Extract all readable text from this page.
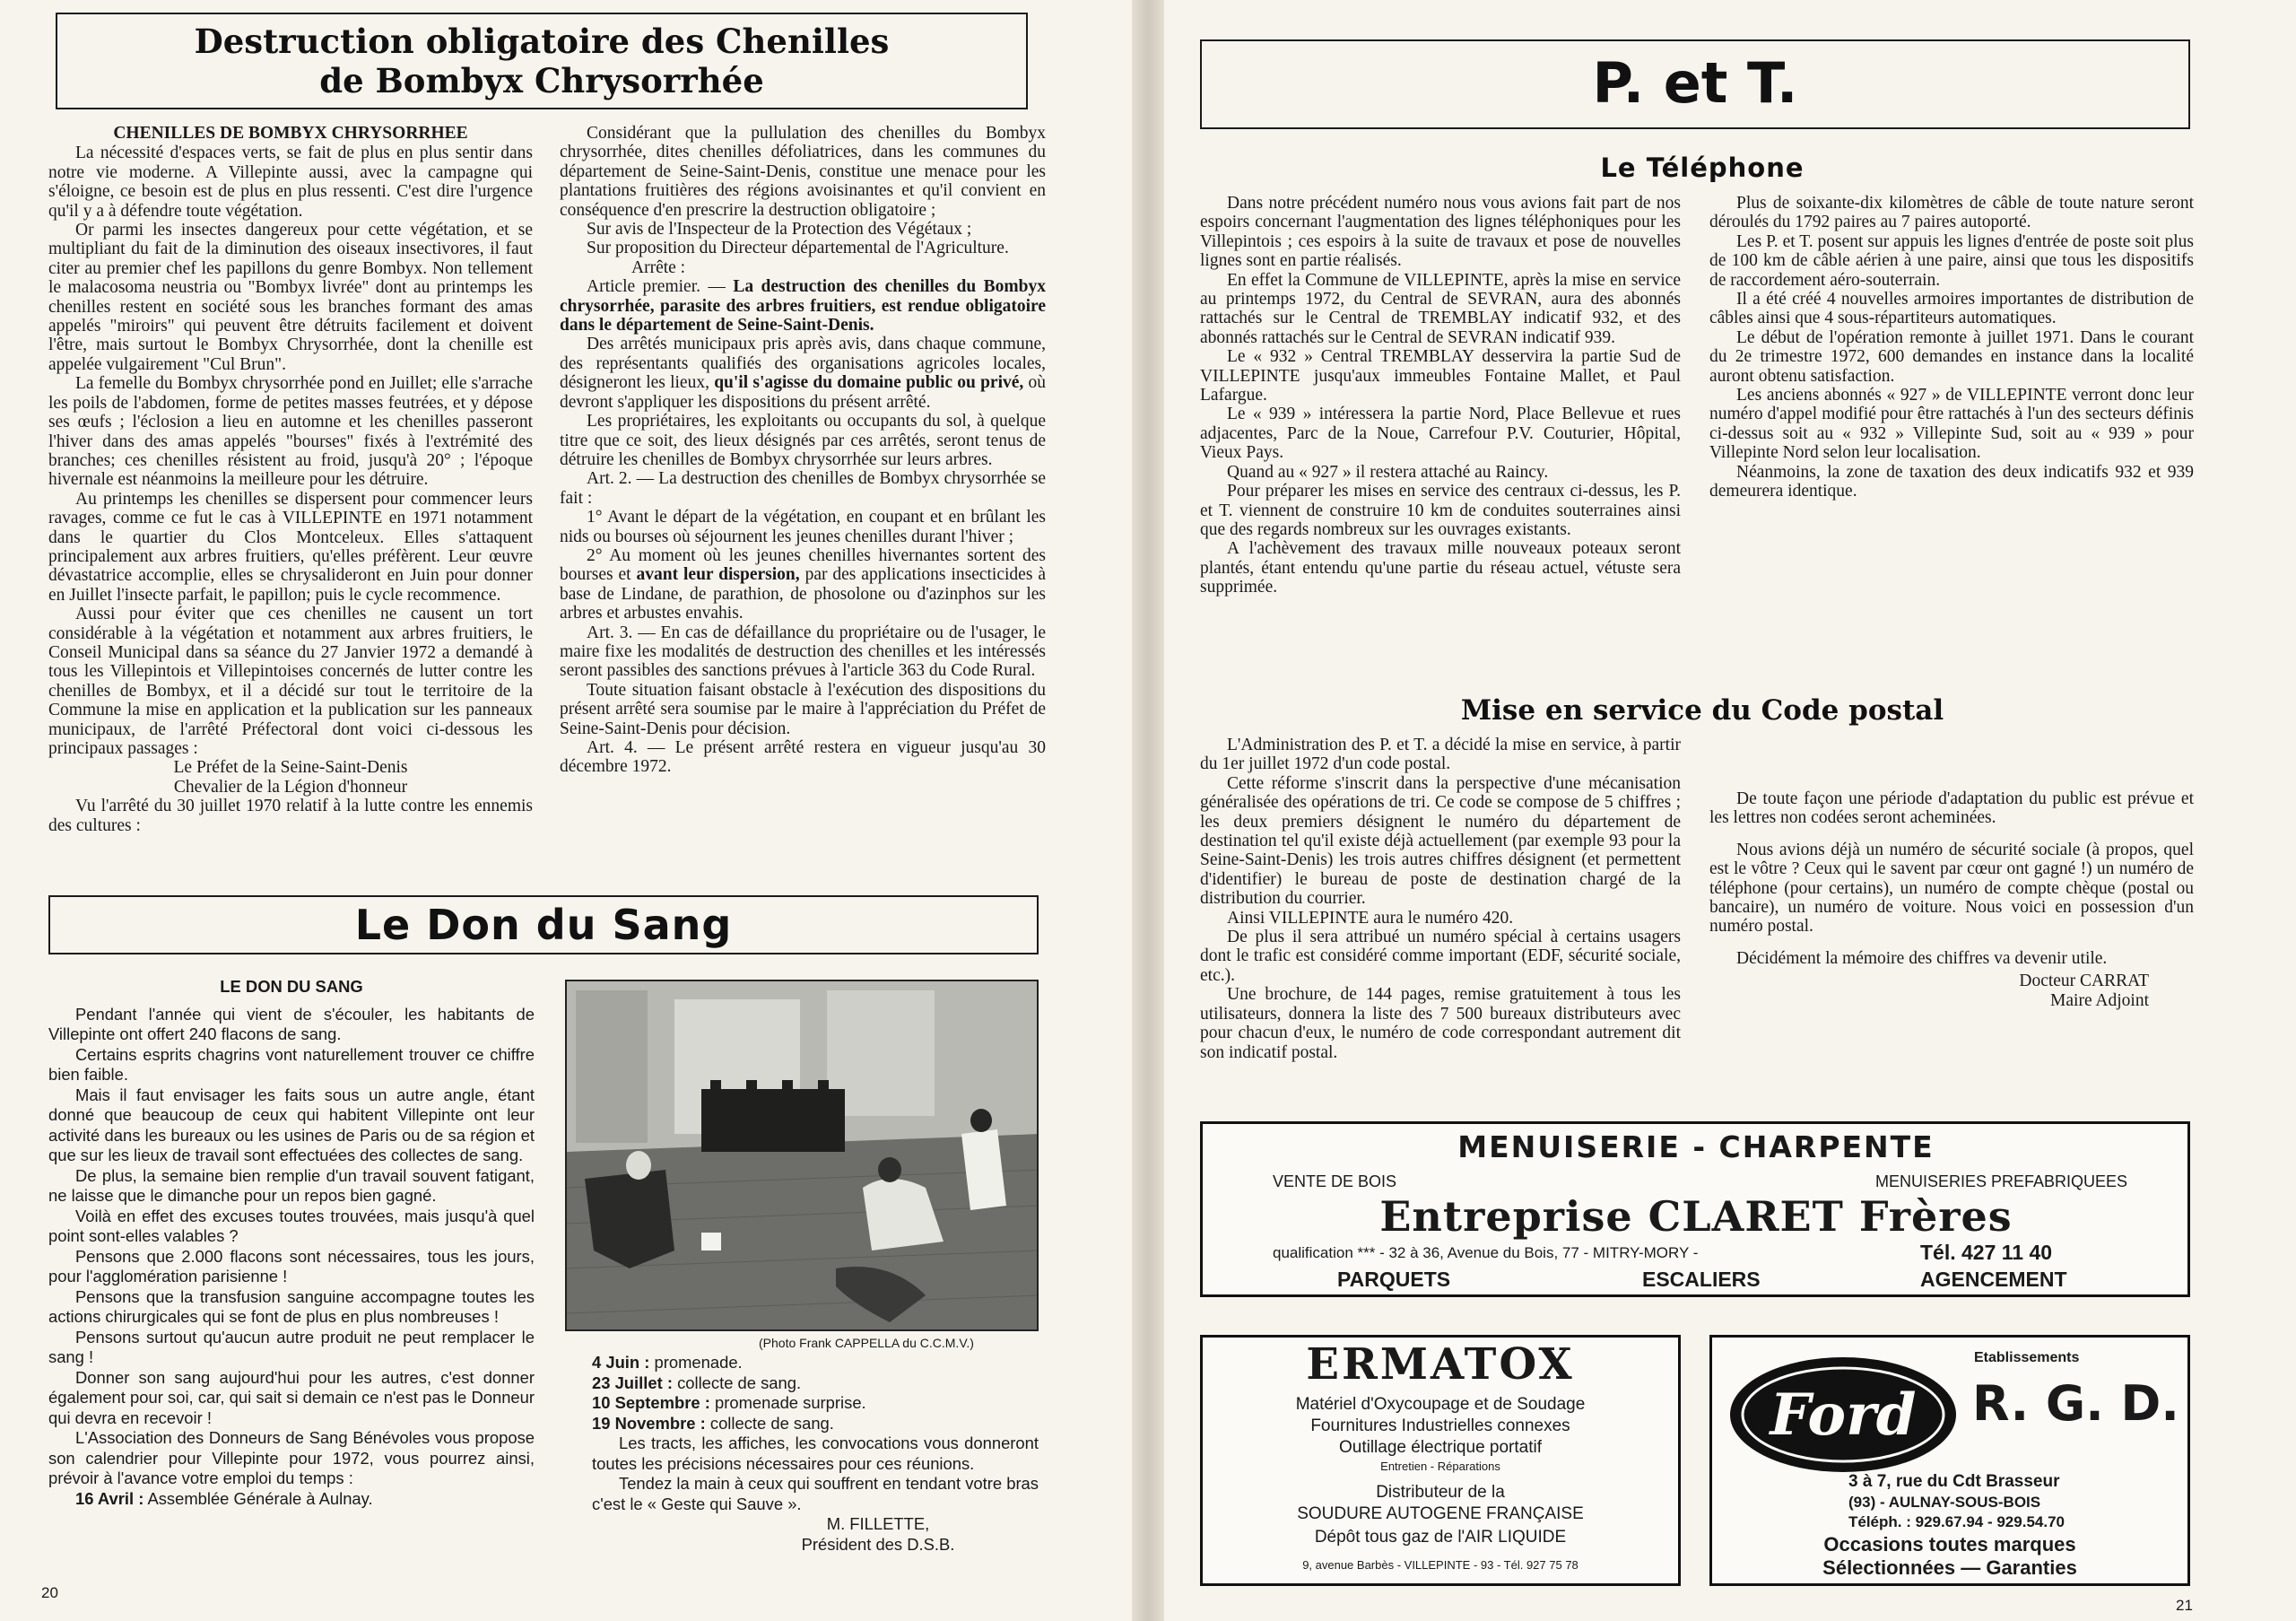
Destruction obligatoire des Chenilles
de Bombyx Chrysorrhée

CHENILLES DE BOMBYX CHRYSORRHEE

La nécessité d'espaces verts, se fait de plus en plus sentir dans notre vie moderne. A Villepinte aussi, avec la campagne qui s'éloigne, ce besoin est de plus en plus ressenti. C'est dire l'urgence qu'il y a à défendre toute végétation.

Or parmi les insectes dangereux pour cette végétation, et se multipliant du fait de la diminution des oiseaux insectivores, il faut citer au premier chef les papillons du genre Bombyx. Non tellement le malacosoma neustria ou "Bombyx livrée" dont au printemps les chenilles restent en société sous les branches formant des amas appelés "miroirs" qui peuvent être détruits facilement et doivent l'être, mais surtout le Bombyx Chrysorrhée, dont la chenille est appelée vulgairement "Cul Brun".

La femelle du Bombyx chrysorrhée pond en Juillet; elle s'arrache les poils de l'abdomen, forme de petites masses feutrées, et y dépose ses œufs ; l'éclosion a lieu en automne et les chenilles passeront l'hiver dans des amas appelés "bourses" fixés à l'extrémité des branches; ces chenilles résistent au froid, jusqu'à 20° ; l'époque hivernale est néanmoins la meilleure pour les détruire.

Au printemps les chenilles se dispersent pour commencer leurs ravages, comme ce fut le cas à VILLEPINTE en 1971 notamment dans le quartier du Clos Montceleux. Elles s'attaquent principalement aux arbres fruitiers, qu'elles préfèrent. Leur œuvre dévastatrice accomplie, elles se chrysalideront en Juin pour donner en Juillet l'insecte parfait, le papillon; puis le cycle recommence.

Aussi pour éviter que ces chenilles ne causent un tort considérable à la végétation et notamment aux arbres fruitiers, le Conseil Municipal dans sa séance du 27 Janvier 1972 a demandé à tous les Villepintois et Villepintoises concernés de lutter contre les chenilles de Bombyx, et il a décidé sur tout le territoire de la Commune la mise en application et la publication sur les panneaux municipaux, de l'arrêté Préfectoral dont voici ci-dessous les principaux passages :

Le Préfet de la Seine-Saint-Denis

Chevalier de la Légion d'honneur

Vu l'arrêté du 30 juillet 1970 relatif à la lutte contre les ennemis des cultures :

Considérant que la pullulation des chenilles du Bombyx chrysorrhée, dites chenilles défoliatrices, dans les communes du département de Seine-Saint-Denis, constitue une menace pour les plantations fruitières des régions avoisinantes et qu'il convient en conséquence d'en prescrire la destruction obligatoire ;

Sur avis de l'Inspecteur de la Protection des Végétaux ;

Sur proposition du Directeur départemental de l'Agriculture.

Arrête :

Article premier. — La destruction des chenilles du Bombyx chrysorrhée, parasite des arbres fruitiers, est rendue obligatoire dans le département de Seine-Saint-Denis.

Des arrêtés municipaux pris après avis, dans chaque commune, des représentants qualifiés des organisations agricoles locales, désigneront les lieux, qu'il s'agisse du domaine public ou privé, où devront s'appliquer les dispositions du présent arrêté.

Les propriétaires, les exploitants ou occupants du sol, à quelque titre que ce soit, des lieux désignés par ces arrêtés, seront tenus de détruire les chenilles de Bombyx chrysorrhée sur leurs arbres.

Art. 2. — La destruction des chenilles de Bombyx chrysorrhée se fait :

1° Avant le départ de la végétation, en coupant et en brûlant les nids ou bourses où séjournent les jeunes chenilles durant l'hiver ;

2° Au moment où les jeunes chenilles hivernantes sortent des bourses et avant leur dispersion, par des applications insecticides à base de Lindane, de parathion, de phosolone ou d'azinphos sur les arbres et arbustes envahis.

Art. 3. — En cas de défaillance du propriétaire ou de l'usager, le maire fixe les modalités de destruction des chenilles et les intéressés seront passibles des sanctions prévues à l'article 363 du Code Rural.

Toute situation faisant obstacle à l'exécution des dispositions du présent arrêté sera soumise par le maire à l'appréciation du Préfet de Seine-Saint-Denis pour décision.

Art. 4. — Le présent arrêté restera en vigueur jusqu'au 30 décembre 1972.

Le Don du Sang

LE DON DU SANG

Pendant l'année qui vient de s'écouler, les habitants de Villepinte ont offert 240 flacons de sang.

Certains esprits chagrins vont naturellement trouver ce chiffre bien faible.

Mais il faut envisager les faits sous un autre angle, étant donné que beaucoup de ceux qui habitent Villepinte ont leur activité dans les bureaux ou les usines de Paris ou de sa région et que sur les lieux de travail sont effectuées des collectes de sang.

De plus, la semaine bien remplie d'un travail souvent fatigant, ne laisse que le dimanche pour un repos bien gagné.

Voilà en effet des excuses toutes trouvées, mais jusqu'à quel point sont-elles valables ?

Pensons que 2.000 flacons sont nécessaires, tous les jours, pour l'agglomération parisienne !

Pensons que la transfusion sanguine accompagne toutes les actions chirurgicales qui se font de plus en plus nombreuses !

Pensons surtout qu'aucun autre produit ne peut remplacer le sang !

Donner son sang aujourd'hui pour les autres, c'est donner également pour soi, car, qui sait si demain ce n'est pas le Donneur qui devra en recevoir !

L'Association des Donneurs de Sang Bénévoles vous propose son calendrier pour Villepinte pour 1972, vous pourrez ainsi, prévoir à l'avance votre emploi du temps :

16 Avril : Assemblée Générale à Aulnay.

(Photo Frank CAPPELLA du C.C.M.V.)

4 Juin : promenade.

23 Juillet : collecte de sang.

10 Septembre : promenade surprise.

19 Novembre : collecte de sang.

Les tracts, les affiches, les convocations vous donneront toutes les précisions nécessaires pour ces réunions.

Tendez la main à ceux qui souffrent en tendant votre bras c'est le « Geste qui Sauve ».

M. FILLETTE,

Président des D.S.B.

20
P. et T.
Le Téléphone

Dans notre précédent numéro nous vous avions fait part de nos espoirs concernant l'augmentation des lignes téléphoniques pour les Villepintois ; ces espoirs à la suite de travaux et pose de nouvelles lignes sont en partie réalisés.

En effet la Commune de VILLEPINTE, après la mise en service au printemps 1972, du Central de SEVRAN, aura des abonnés rattachés sur le Central de TREMBLAY indicatif 932, et des abonnés rattachés sur le Central de SEVRAN indicatif 939.

Le « 932 » Central TREMBLAY desservira la partie Sud de VILLEPINTE jusqu'aux immeubles Fontaine Mallet, et Paul Lafargue.

Le « 939 » intéressera la partie Nord, Place Bellevue et rues adjacentes, Parc de la Noue, Carrefour P.V. Couturier, Hôpital, Vieux Pays.

Quand au « 927 » il restera attaché au Raincy.

Pour préparer les mises en service des centraux ci-dessus, les P. et T. viennent de construire 10 km de conduites souterraines ainsi que des regards nombreux sur les ouvrages existants.

A l'achèvement des travaux mille nouveaux poteaux seront plantés, étant entendu qu'une partie du réseau actuel, vétuste sera supprimée.

Plus de soixante-dix kilomètres de câble de toute nature seront déroulés du 1792 paires au 7 paires autoporté.

Les P. et T. posent sur appuis les lignes d'entrée de poste soit plus de 100 km de câble aérien à une paire, ainsi que tous les dispositifs de raccordement aéro-souterrain.

Il a été créé 4 nouvelles armoires importantes de distribution de câbles ainsi que 4 sous-répartiteurs automatiques.

Le début de l'opération remonte à juillet 1971. Dans le courant du 2e trimestre 1972, 600 demandes en instance dans la localité auront obtenu satisfaction.

Les anciens abonnés « 927 » de VILLEPINTE verront donc leur numéro d'appel modifié pour être rattachés à l'un des secteurs définis ci-dessus soit au « 932 » Villepinte Sud, soit au « 939 » pour Villepinte Nord selon leur localisation.

Néanmoins, la zone de taxation des deux indicatifs 932 et 939 demeurera identique.

Mise en service du Code postal

L'Administration des P. et T. a décidé la mise en service, à partir du 1er juillet 1972 d'un code postal.

Cette réforme s'inscrit dans la perspective d'une mécanisation généralisée des opérations de tri. Ce code se compose de 5 chiffres ; les deux premiers désignent le numéro du département de destination tel qu'il existe déjà actuellement (par exemple 93 pour la Seine-Saint-Denis) les trois autres chiffres désignent (et permettent d'identifier) le bureau de poste de destination chargé de la distribution du courrier.

Ainsi VILLEPINTE aura le numéro 420.

De plus il sera attribué un numéro spécial à certains usagers dont le trafic est considéré comme important (EDF, sécurité sociale, etc.).

Une brochure, de 144 pages, remise gratuitement à tous les utilisateurs, donnera la liste des 7 500 bureaux distributeurs avec pour chacun d'eux, le numéro de code correspondant autrement dit son indicatif postal.

De toute façon une période d'adaptation du public est prévue et les lettres non codées seront acheminées.

Nous avions déjà un numéro de sécurité sociale (à propos, quel est le vôtre ? Ceux qui le savent par cœur ont gagné !) un numéro de téléphone (pour certains), un numéro de compte chèque (postal ou bancaire), un numéro de voiture. Nous voici en possession d'un numéro postal.

Décidément la mémoire des chiffres va devenir utile.

Docteur CARRAT

Maire Adjoint

MENUISERIE - CHARPENTE
VENTE DE BOIS	MENUISERIES PREFABRIQUEES
Entreprise CLARET Frères
qualification *** - 32 à 36, Avenue du Bois, 77 - MITRY-MORY -	Tél. 427 11 40
PARQUETS	ESCALIERS	AGENCEMENT
ERMATOX
Matériel d'Oxycoupage et de Soudage
Fournitures Industrielles connexes
Outillage électrique portatif
Entretien - Réparations
Distributeur de la
SOUDURE AUTOGENE FRANÇAISE
Dépôt tous gaz de l'AIR LIQUIDE
9, avenue Barbès - VILLEPINTE - 93 - Tél. 927 75 78
Ford
Etablissements
R. G. D.
3 à 7, rue du Cdt Brasseur
(93) - AULNAY-SOUS-BOIS
Téléph. : 929.67.94 - 929.54.70
Occasions toutes marques
Sélectionnées — Garanties
21
